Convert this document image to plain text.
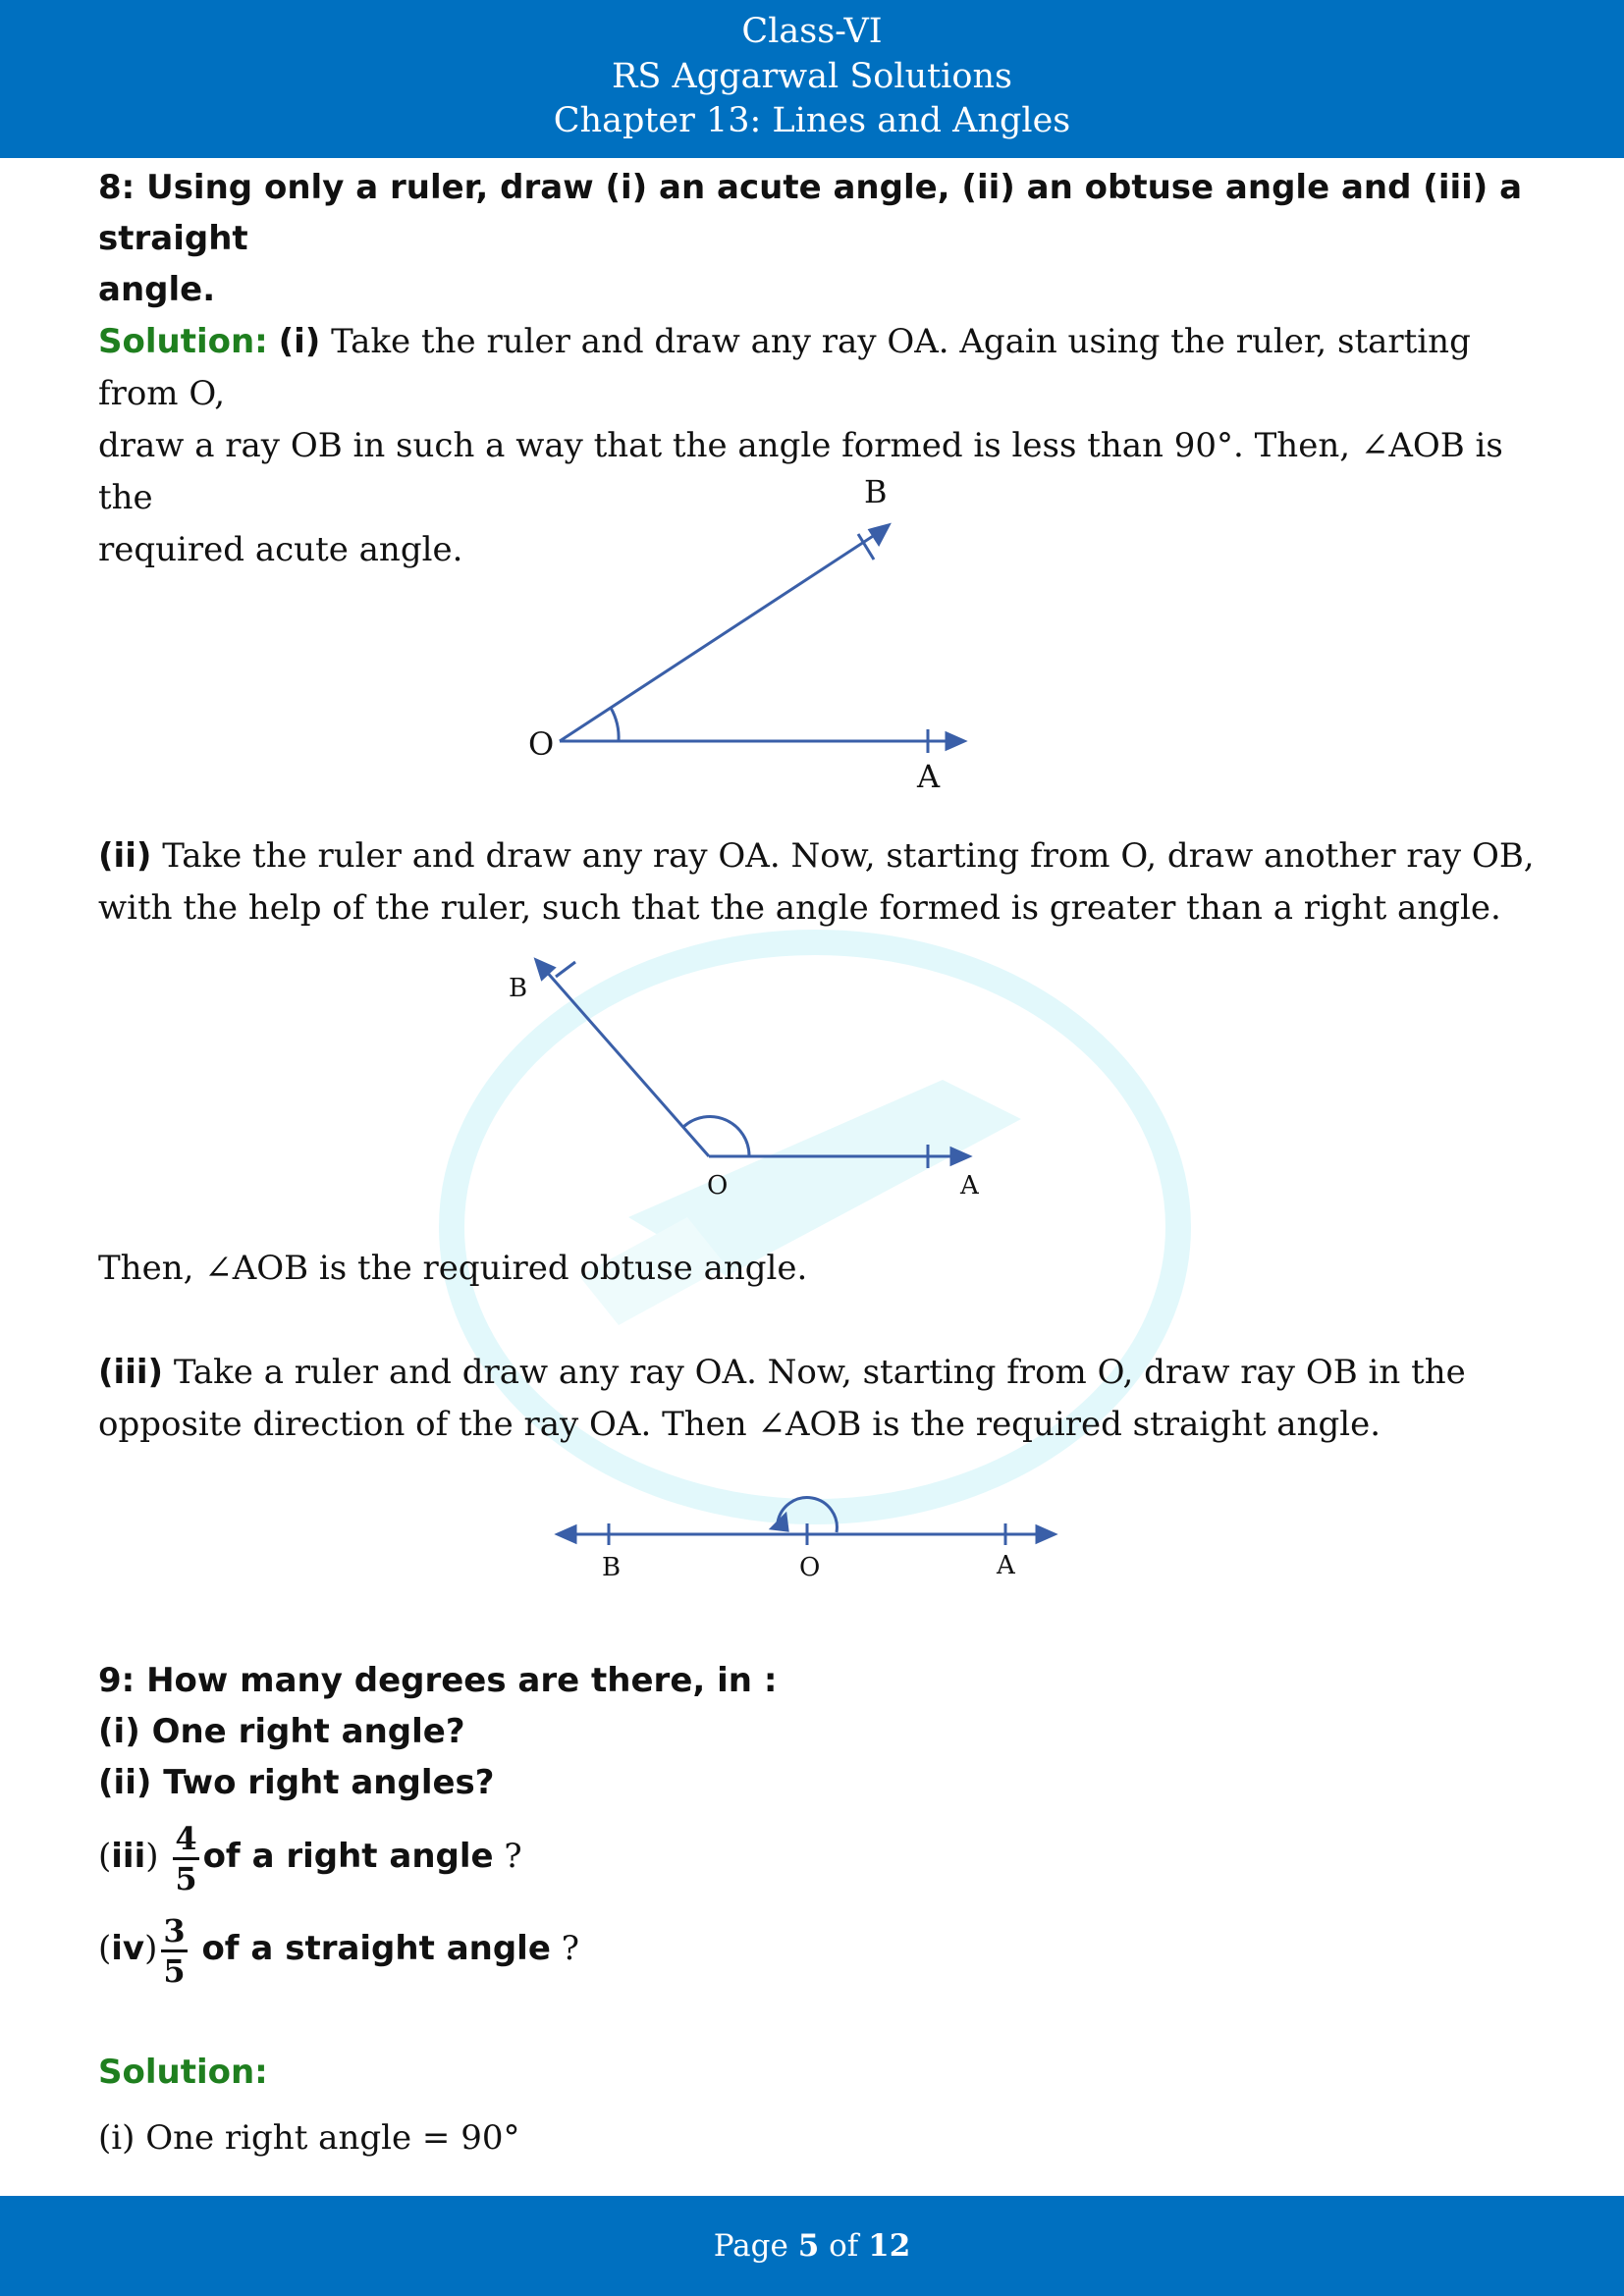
Class-VI
RS Aggarwal Solutions
Chapter 13: Lines and Angles

8: Using only a ruler, draw (i) an acute angle, (ii) an obtuse angle and (iii) a straight

angle.

Solution: (i) Take the ruler and draw any ray OA. Again using the ruler, starting from O,

draw a ray OB in such a way that the angle formed is less than 90°. Then, ∠AOB is the

required acute angle.

O
A
B

(ii) Take the ruler and draw any ray OA. Now, starting from O, draw another ray OB,

with the help of the ruler, such that the angle formed is greater than a right angle.

O	A
B

Then, ∠AOB is the required obtuse angle.

(iii) Take a ruler and draw any ray OA. Now, starting from O, draw ray OB in the

opposite direction of the ray OA. Then ∠AOB is the required straight angle.

B	O	A

9: How many degrees are there, in :

(i) One right angle?

(ii) Two right angles?

$(iii) \frac{4}{5}$ of a right angle ?
$(iv) \frac{3}{5}$ of a straight angle ?

Solution:

(i) One right angle = 90°

Page 5 of 12
